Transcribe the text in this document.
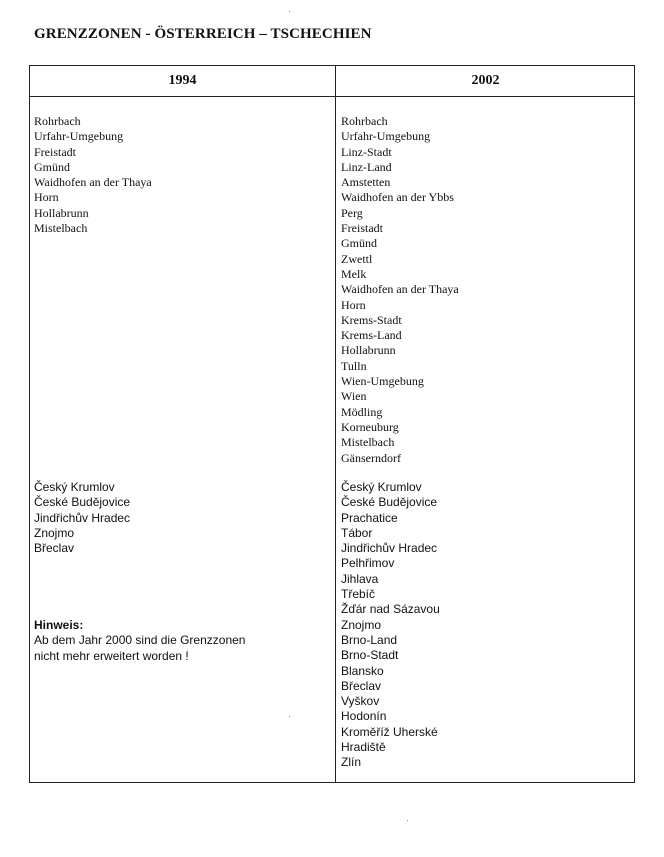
GRENZZONEN - ÖSTERREICH – TSCHECHIEN
1994	2002
Rohrbach
Urfahr-Umgebung
Freistadt
Gmünd
Waidhofen an der Thaya
Horn
Hollabrunn
Mistelbach
Český Krumlov
České Budějovice
Jindřichův Hradec
Znojmo
Břeclav
Hinweis:
Ab dem Jahr 2000 sind die Grenzzonen
nicht mehr erweitert worden !
Rohrbach
Urfahr-Umgebung
Linz-Stadt
Linz-Land
Amstetten
Waidhofen an der Ybbs
Perg
Freistadt
Gmünd
Zwettl
Melk
Waidhofen an der Thaya
Horn
Krems-Stadt
Krems-Land
Hollabrunn
Tulln
Wien-Umgebung
Wien
Mödling
Korneuburg
Mistelbach
Gänserndorf
Český Krumlov
České Budějovice
Prachatice
Tábor
Jindřichův Hradec
Pelhřimov
Jihlava
Třebíč
Žďár nad Sázavou
Znojmo
Brno-Land
Brno-Stadt
Blansko
Břeclav
Vyškov
Hodonín
Kroměříž Uherské
Hradiště
Zlín
